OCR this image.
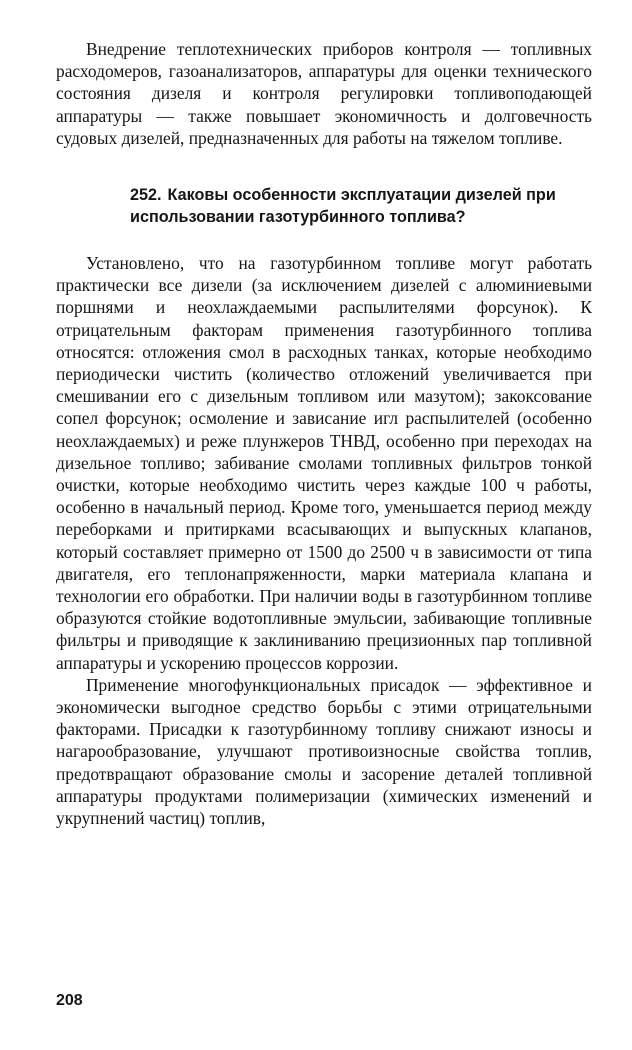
Внедрение теплотехнических приборов контроля — топливных расходомеров, газоанализаторов, аппаратуры для оценки технического состояния дизеля и контроля регулировки топливоподающей аппаратуры — также повышает экономичность и долговечность судовых дизелей, предназначенных для работы на тяжелом топливе.

252. Каковы особенности эксплуатации дизелей при использовании газотурбинного топлива?

Установлено, что на газотурбинном топливе могут работать практически все дизели (за исключением дизелей с алюминиевыми поршнями и неохлаждаемыми распылителями форсунок). К отрицательным факторам применения газотурбинного топлива относятся: отложения смол в расходных танках, которые необходимо периодически чистить (количество отложений увеличивается при смешивании его с дизельным топливом или мазутом); закоксование сопел форсунок; осмоление и зависание игл распылителей (особенно неохлаждаемых) и реже плунжеров ТНВД, особенно при переходах на дизельное топливо; забивание смолами топливных фильтров тонкой очистки, которые необходимо чистить через каждые 100 ч работы, особенно в начальный период. Кроме того, уменьшается период между переборками и притирками всасывающих и выпускных клапанов, который составляет примерно от 1500 до 2500 ч в зависимости от типа двигателя, его теплонапряженности, марки материала клапана и технологии его обработки. При наличии воды в газотурбинном топливе образуются стойкие водотопливные эмульсии, забивающие топливные фильтры и приводящие к заклиниванию прецизионных пар топливной аппаратуры и ускорению процессов коррозии.

Применение многофункциональных присадок — эффективное и экономически выгодное средство борьбы с этими отрицательными факторами. Присадки к газотурбинному топливу снижают износы и нагарообразование, улучшают противоизносные свойства топлив, предотвращают образование смолы и засорение деталей топливной аппаратуры продуктами полимеризации (химических изменений и укрупнений частиц) топлив,

208
